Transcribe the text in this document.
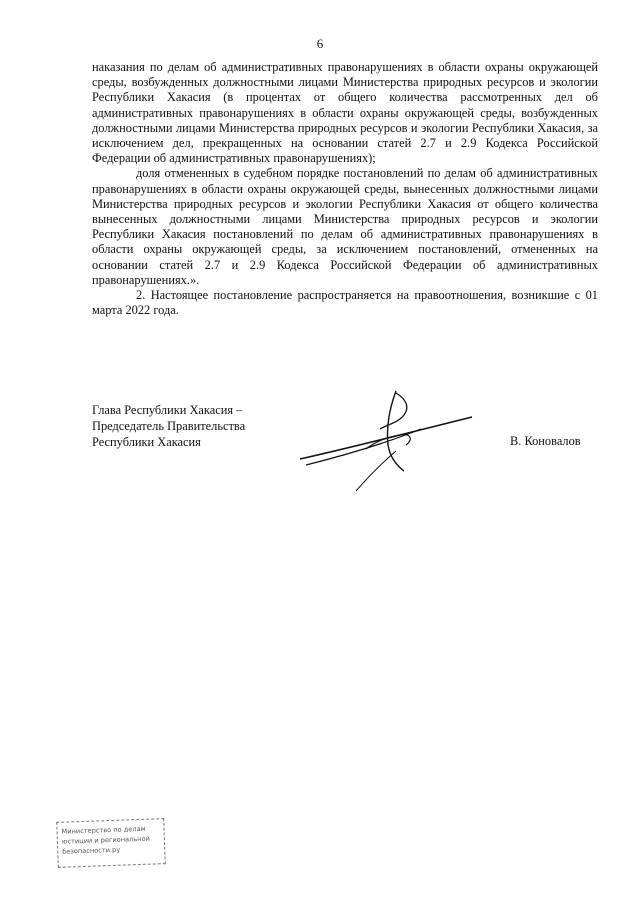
6

наказания по делам об административных правонарушениях в области охраны окружающей среды, возбужденных должностными лицами Министерства природных ресурсов и экологии Республики Хакасия (в процентах от общего количества рассмотренных дел об административных правонарушениях в области охраны окружающей среды, возбужденных должностными лицами Министерства природных ресурсов и экологии Республики Хакасия, за исключением дел, прекращенных на основании статей 2.7 и 2.9 Кодекса Российской Федерации об административных правонарушениях);

доля отмененных в судебном порядке постановлений по делам об административных правонарушениях в области охраны окружающей среды, вынесенных должностными лицами Министерства природных ресурсов и экологии Республики Хакасия от общего количества вынесенных должностными лицами Министерства природных ресурсов и экологии Республики Хакасия постановлений по делам об административных правонарушениях в области охраны окружающей среды, за исключением постановлений, отмененных на основании статей 2.7 и 2.9 Кодекса Российской Федерации об административных правонарушениях.».

2. Настоящее постановление распространяется на правоотношения, возникшие с 01 марта 2022 года.

Глава Республики Хакасия –
Председатель Правительства
Республики Хакасия	В. Коновалов
Министерство по делам
юстиции и региональной
безопасности.ру
